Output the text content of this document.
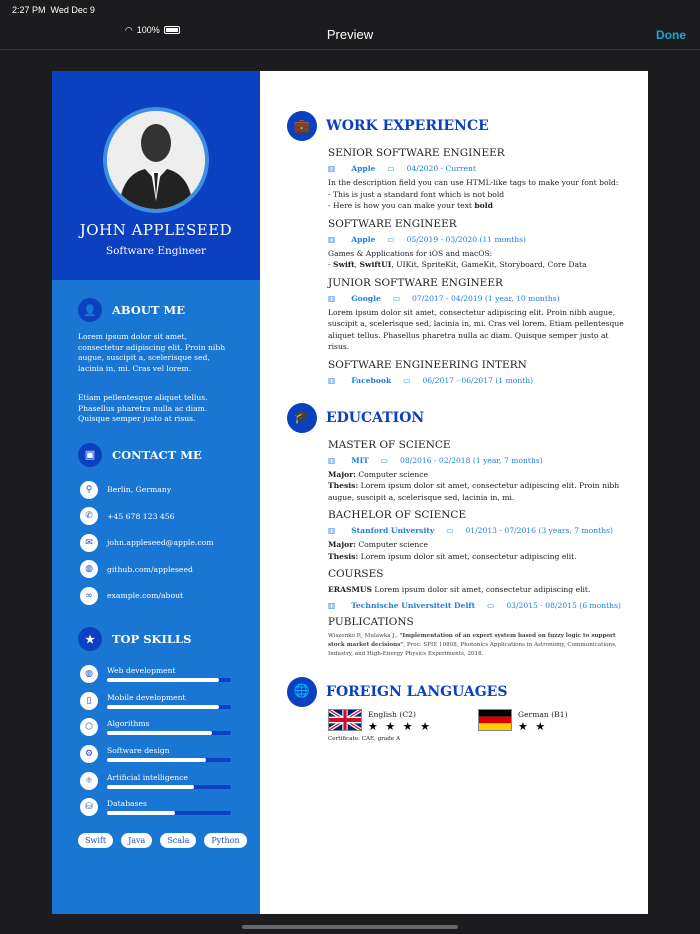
2:27 PM
Wed Dec 9
◠ 100%	Preview	Done
JOHN APPLESEED
Software Engineer
👤	ABOUT ME

Lorem ipsum dolor sit amet, consectetur adipiscing elit. Proin nibh augue, suscipit a, scelerisque sed, lacinia in, mi. Cras vel lorem.

Etiam pellentesque aliquet tellus. Phasellus pharetra nulla ac diam. Quisque semper justo at risus.

▣	CONTACT ME
⚲	Berlin, Germany
✆	+45 678 123 456
✉	john.appleseed@apple.com
◍	github.com/appleseed
∞	example.com/about
★	TOP SKILLS
◍	Web development
▯	Mobile development
⬡	Algorithms
⚙	Software design
⚛	Artificial intelligence
⛁	Databases
Swift	Java	Scala	Python
💼	WORK EXPERIENCE
SENIOR SOFTWARE ENGINEER
▥ Apple ▭ 04/2020 - Current
In the description field you can use HTML-like tags to make your font bold:
- This is just a standard font which is not bold
- Here is how you can make your text bold
SOFTWARE ENGINEER
▥ Apple ▭ 05/2019 - 03/2020 (11 months)
Games & Applications for iOS and macOS:
- Swift, SwiftUI, UIKit, SpriteKit, GameKit, Storyboard, Core Data
JUNIOR SOFTWARE ENGINEER
▥ Google ▭ 07/2017 - 04/2019 (1 year, 10 months)
Lorem ipsum dolor sit amet, consectetur adipiscing elit. Proin nibh augue, suscipit a, scelerisque sed, lacinia in, mi. Cras vel lorem. Etiam pellentesque aliquet tellus. Phasellus pharetra nulla ac diam. Quisque semper justo at risus.
SOFTWARE ENGINEERING INTERN
▥ Facebook ▭ 06/2017 - 06/2017 (1 month)
🎓	EDUCATION
MASTER OF SCIENCE
▥ MIT ▭ 08/2016 - 02/2018 (1 year, 7 months)
Major: Computer science
Thesis: Lorem ipsum dolor sit amet, consectetur adipiscing elit. Proin nibh augue, suscipit a, scelerisque sed, lacinia in, mi.
BACHELOR OF SCIENCE
▥ Stanford University ▭ 01/2013 - 07/2016 (3 years, 7 months)
Major: Computer science
Thesis: Lorem ipsum dolor sit amet, consectetur adipiscing elit.
COURSES
ERASMUS Lorem ipsum dolor sit amet, consectetur adipiscing elit.
▥ Technische Universiteit Delft ▭ 03/2015 - 08/2015 (6 months)
PUBLICATIONS
Wiszenko P., Mulawka J., "Implementation of an expert system based on fuzzy logic to support stock market decisions", Proc. SPIE 10808, Photonics Applications in Astronomy, Communications, Industry, and High-Energy Physics Experiments, 2018.
🌐	FOREIGN LANGUAGES
English (C2)
★ ★ ★ ★
German (B1)
★ ★
Certificate: CAE, grade A
